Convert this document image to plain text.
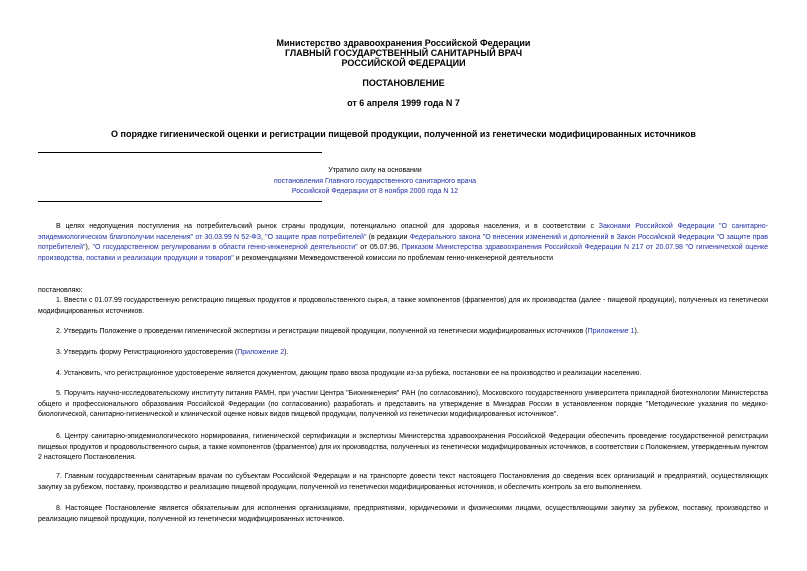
Министерство здравоохранения Российской Федерации
ГЛАВНЫЙ ГОСУДАРСТВЕННЫЙ САНИТАРНЫЙ ВРАЧ
РОССИЙСКОЙ ФЕДЕРАЦИИ
ПОСТАНОВЛЕНИЕ
от 6 апреля 1999 года N 7
О порядке гигиенической оценки и регистрации пищевой продукции, полученной из генетически модифицированных источников
Утратило силу на основании
постановления Главного государственного санитарного врача
Российской Федерации от 8 ноября 2000 года N 12
В целях недопущения поступления на потребительский рынок страны продукции, потенциально опасной для здоровья населения, и в соответствии с Законами Российской Федерации "О санитарно-эпидемиологическом благополучии населения" от 30.03.99 N 52-ФЗ, "О защите прав потребителей" (в редакции Федерального закона "О внесении изменений и дополнений в Закон Российской Федерации "О защите прав потребителей"), "О государственном регулировании в области генно-инженерной деятельности" от 05.07.96, Приказом Министерства здравоохранения Российской Федерации N 217 от 20.07.98 "О гигиенической оценке производства, поставки и реализации продукции и товаров" и рекомендациями Межведомственной комиссии по проблемам генно-инженерной деятельности
постановляю:
1. Ввести с 01.07.99 государственную регистрацию пищевых продуктов и продовольственного сырья, а также компонентов (фрагментов) для их производства (далее - пищевой продукции), полученных из генетически модифицированных источников.
2. Утвердить Положение о проведении гигиенической экспертизы и регистрации пищевой продукции, полученной из генетически модифицированных источников (Приложение 1).
3. Утвердить форму Регистрационного удостоверения (Приложение 2).
4. Установить, что регистрационное удостоверение является документом, дающим право ввоза продукции из-за рубежа, постановки ее на производство и реализации населению.
5. Поручить научно-исследовательскому институту питания РАМН, при участии Центра "Биоинженерия" РАН (по согласованию), Московского государственного университета прикладной биотехнологии Министерства общего и профессионального образования Российской Федерации (по согласованию) разработать и представить на утверждение в Минздрав России в установленном порядке "Методические указания по медико-биологической, санитарно-гигиенической и клинической оценке новых видов пищевой продукции, полученной из генетически модифицированных источников".
6. Центру санитарно-эпидемиологического нормирования, гигиенической сертификации и экспертизы Министерства здравоохранения Российской Федерации обеспечить проведение государственной регистрации пищевых продуктов и продовольственного сырья, а также компонентов (фрагментов) для их производства, полученных из генетически модифицированных источников, в соответствии с Положением, утвержденным пунктом 2 настоящего Постановления.
7. Главным государственным санитарным врачам по субъектам Российской Федерации и на транспорте довести текст настоящего Постановления до сведения всех организаций и предприятий, осуществляющих закупку за рубежом, поставку, производство и реализацию пищевой продукции, полученной из генетически модифицированных источников, и обеспечить контроль за его выполнением.
8. Настоящее Постановление является обязательным для исполнения организациями, предприятиями, юридическими и физическими лицами, осуществляющими закупку за рубежом, поставку, производство и реализацию пищевой продукции, полученной из генетически модифицированных источников.
